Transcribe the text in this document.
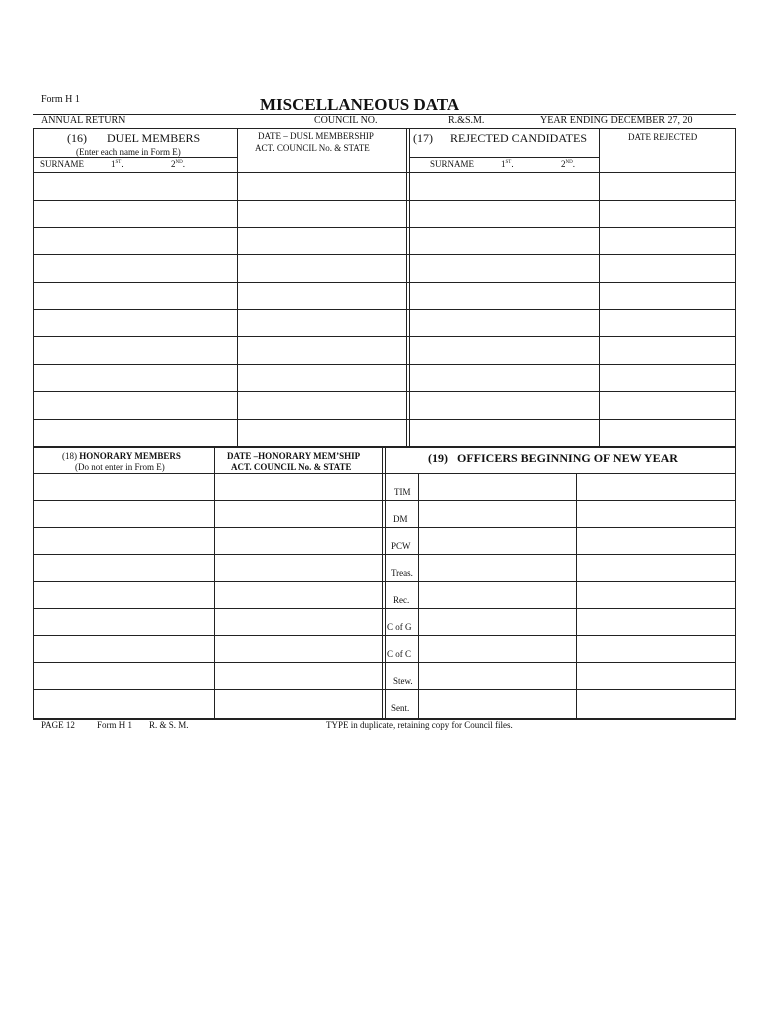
Form H 1	MISCELLANEOUS DATA
ANNUAL RETURN	COUNCIL NO.	R.&S.M.	YEAR ENDING DECEMBER 27, 20
(16) DUEL MEMBERS
(Enter each name in Form E)
SURNAME	1ST.	2ND.
DATE – DUSL MEMBERSHIP
ACT. COUNCIL No. & STATE
(17) REJECTED CANDIDATES
SURNAME	1ST.	2ND.
DATE REJECTED
(18) HONORARY MEMBERS
(Do not enter in From E)
DATE –HONORARY MEM’SHIP
ACT. COUNCIL No. & STATE
(19) OFFICERS BEGINNING OF NEW YEAR
TIM
DM
PCW
Treas.
Rec.
C of G
C of C
Stew.
Sent.
PAGE 12 Form H 1 R. & S. M.	TYPE in duplicate, retaining copy for Council files.
